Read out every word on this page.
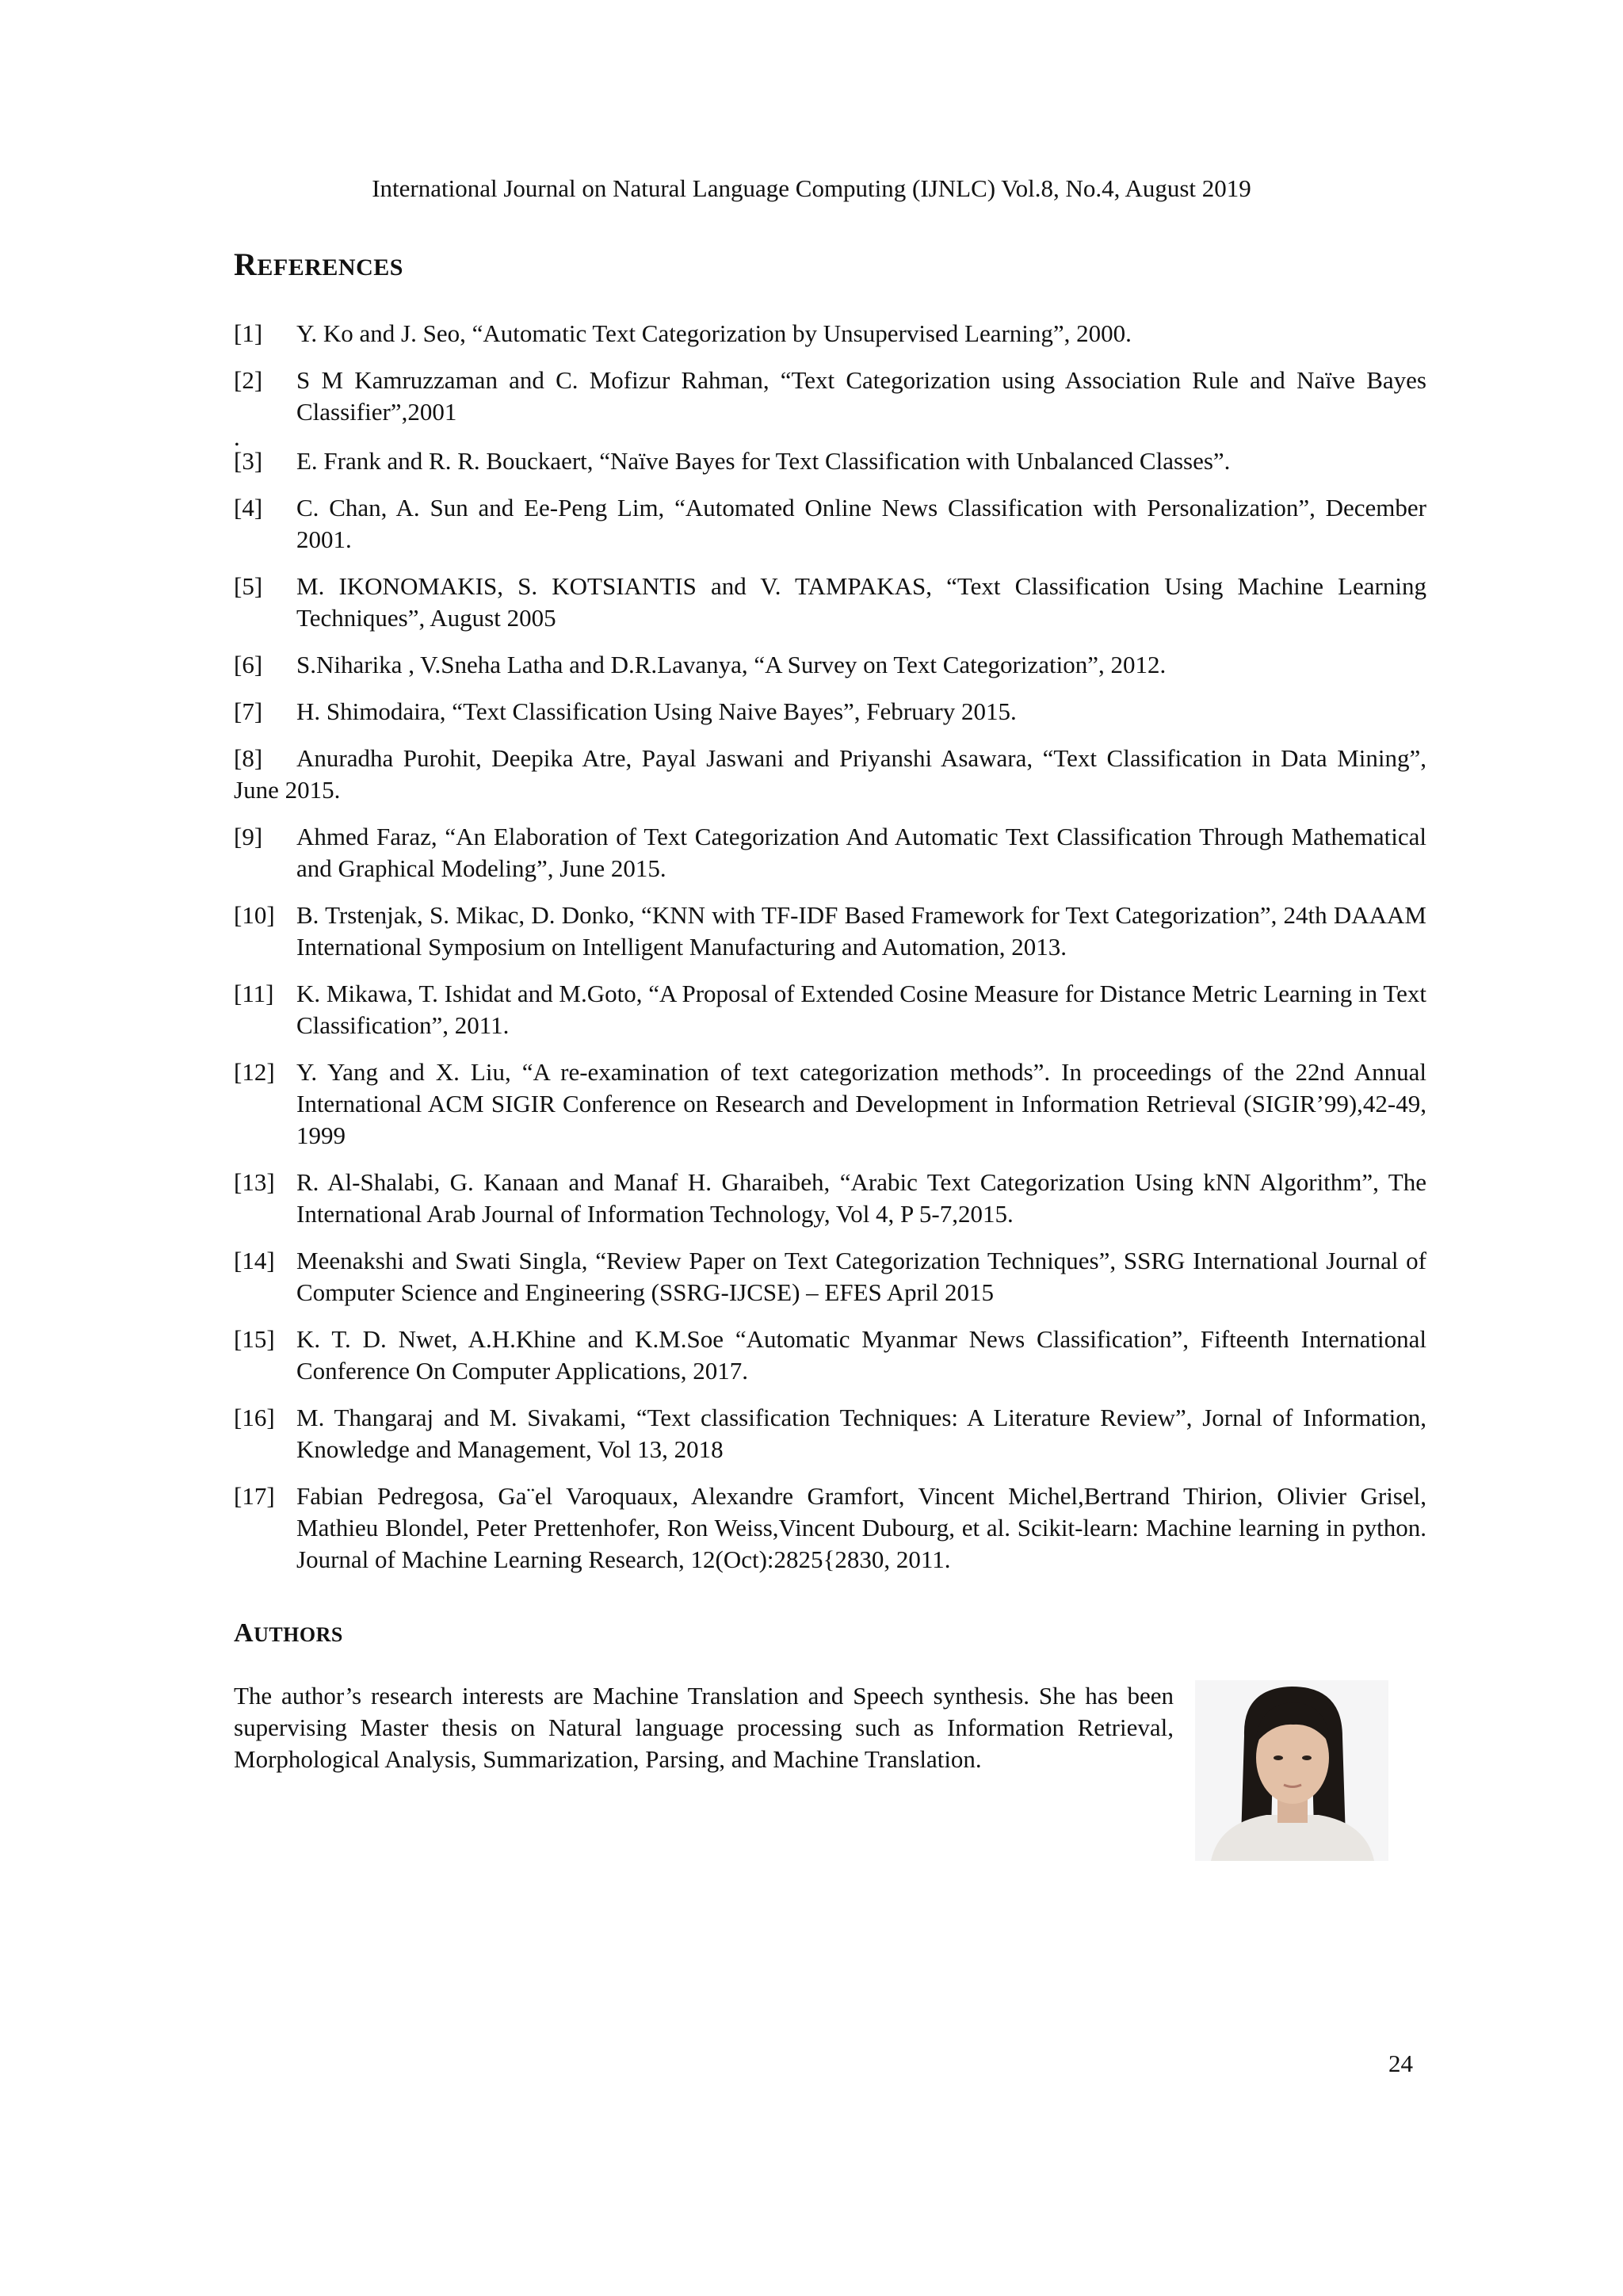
International Journal on Natural Language Computing (IJNLC) Vol.8, No.4, August 2019
REFERENCES
[1] Y. Ko and J. Seo, “Automatic Text Categorization by Unsupervised Learning”, 2000.
[2] S M Kamruzzaman and C. Mofizur Rahman, “Text Categorization using Association Rule and Naïve Bayes Classifier”,2001
.
[3] E. Frank and R. R. Bouckaert, “Naïve Bayes for Text Classification with Unbalanced Classes”.
[4] C. Chan, A. Sun and Ee-Peng Lim, “Automated Online News Classification with Personalization”, December 2001.
[5] M. IKONOMAKIS, S. KOTSIANTIS and V. TAMPAKAS, “Text Classification Using Machine Learning Techniques”, August 2005
[6] S.Niharika , V.Sneha Latha and D.R.Lavanya, “A Survey on Text Categorization”, 2012.
[7] H. Shimodaira, “Text Classification Using Naive Bayes”, February 2015.
[8] Anuradha Purohit, Deepika Atre, Payal Jaswani and Priyanshi Asawara, “Text Classification in Data Mining”, June 2015.
[9] Ahmed Faraz, “An Elaboration of Text Categorization And Automatic Text Classification Through Mathematical and Graphical Modeling”, June 2015.
[10] B. Trstenjak, S. Mikac, D. Donko, “KNN with TF-IDF Based Framework for Text Categorization”, 24th DAAAM International Symposium on Intelligent Manufacturing and Automation, 2013.
[11] K. Mikawa, T. Ishidat and M.Goto, “A Proposal of Extended Cosine Measure for Distance Metric Learning in Text Classification”, 2011.
[12] Y. Yang and X. Liu, “A re-examination of text categorization methods”. In proceedings of the 22nd Annual International ACM SIGIR Conference on Research and Development in Information Retrieval (SIGIR’99),42-49, 1999
[13] R. Al-Shalabi, G. Kanaan and Manaf H. Gharaibeh, “Arabic Text Categorization Using kNN Algorithm”, The International Arab Journal of Information Technology, Vol 4, P 5-7,2015.
[14] Meenakshi and Swati Singla, “Review Paper on Text Categorization Techniques”, SSRG International Journal of Computer Science and Engineering (SSRG-IJCSE) – EFES April 2015
[15] K. T. D. Nwet, A.H.Khine and K.M.Soe “Automatic Myanmar News Classification”, Fifteenth International Conference On Computer Applications, 2017.
[16] M. Thangaraj and M. Sivakami, “Text classification Techniques: A Literature Review”, Jornal of Information, Knowledge and Management, Vol 13, 2018
[17] Fabian Pedregosa, Ga¨el Varoquaux, Alexandre Gramfort, Vincent Michel,Bertrand Thirion, Olivier Grisel, Mathieu Blondel, Peter Prettenhofer, Ron Weiss,Vincent Dubourg, et al. Scikit-learn: Machine learning in python. Journal of Machine Learning Research, 12(Oct):2825{2830, 2011.
AUTHORS
The author’s research interests are Machine Translation and Speech synthesis. She has been supervising Master thesis on Natural language processing such as Information Retrieval, Morphological Analysis, Summarization, Parsing, and Machine Translation.
24
